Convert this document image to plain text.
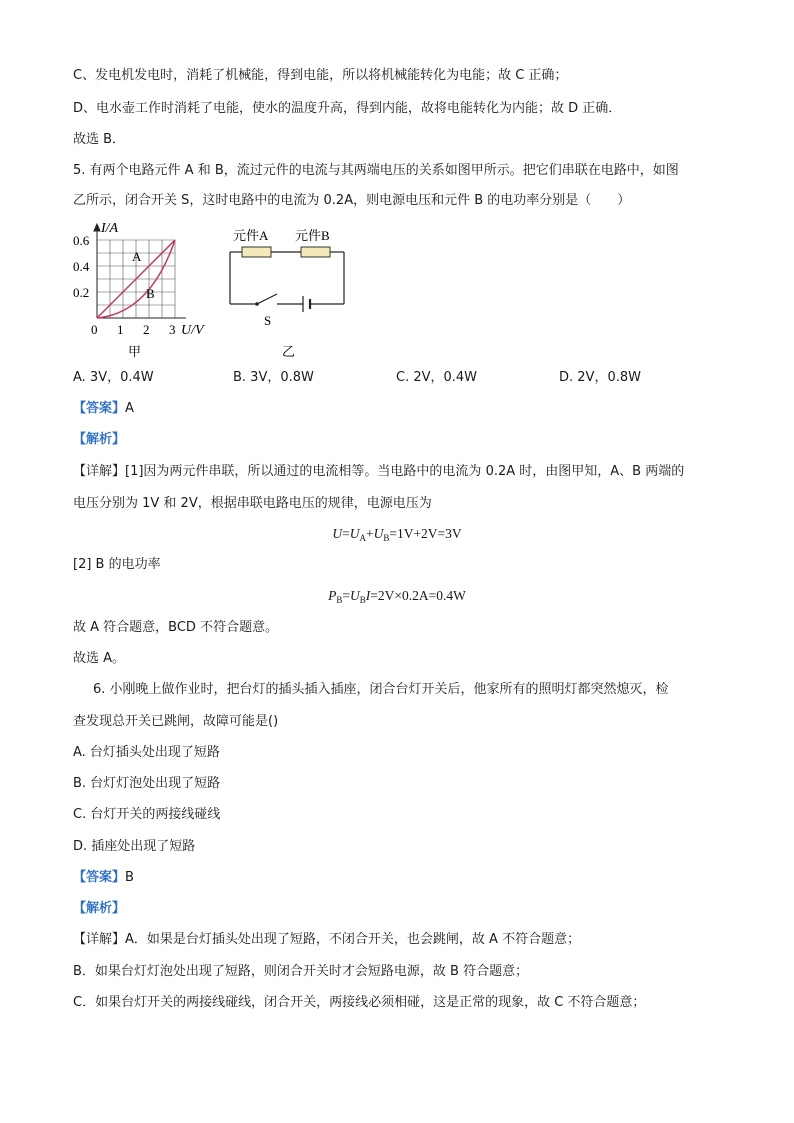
C、发电机发电时，消耗了机械能，得到电能，所以将机械能转化为电能；故 C 正确；
D、电水壶工作时消耗了电能，使水的温度升高，得到内能，故将电能转化为内能；故 D 正确．
故选 B．
5. 有两个电路元件 A 和 B，流过元件的电流与其两端电压的关系如图甲所示。把它们串联在电路中，如图
乙所示，闭合开关 S，这时电路中的电流为 0.2A，则电源电压和元件 B 的电功率分别是（　　）
I/A
0.6
0.4
0.2
0 1 2 3 U/V
A
B
甲
元件A 元件B
S
乙
A. 3V，0.4W	B. 3V，0.8W	C. 2V，0.4W	D. 2V，0.8W
【答案】A
【解析】
【详解】[1]因为两元件串联，所以通过的电流相等。当电路中的电流为 0.2A 时，由图甲知，A、B 两端的
电压分别为 1V 和 2V，根据串联电路电压的规律，电源电压为
$U=U_A+U_B=1V+2V=3V$
[2] B 的电功率
$P_B=U_BI=2V\times 0.2A=0.4W$
故 A 符合题意，BCD 不符合题意。
故选 A。
6. 小刚晚上做作业时，把台灯的插头插入插座，闭合台灯开关后，他家所有的照明灯都突然熄灭，检
查发现总开关已跳闸，故障可能是()
A. 台灯插头处出现了短路
B. 台灯灯泡处出现了短路
C. 台灯开关的两接线碰线
D. 插座处出现了短路
【答案】B
【解析】
【详解】A．如果是台灯插头处出现了短路，不闭合开关，也会跳闸，故 A 不符合题意；
B．如果台灯灯泡处出现了短路，则闭合开关时才会短路电源，故 B 符合题意；
C．如果台灯开关的两接线碰线，闭合开关，两接线必须相碰，这是正常的现象，故 C 不符合题意；
